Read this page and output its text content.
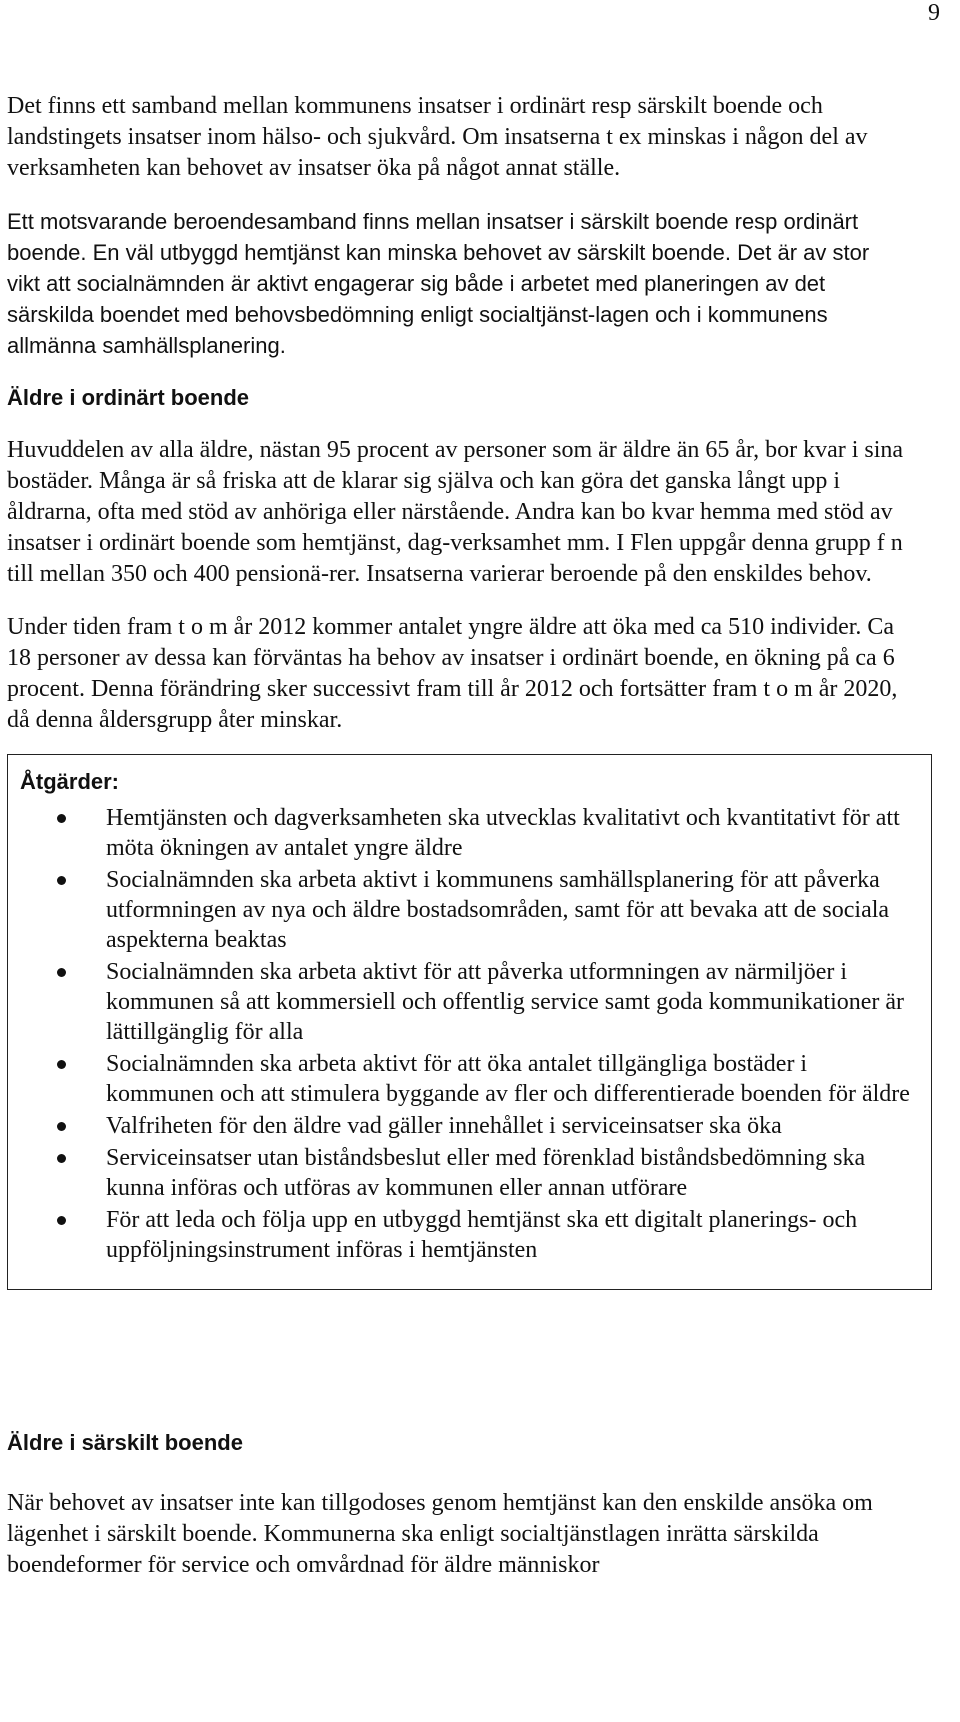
9

Det finns ett samband mellan kommunens insatser i ordinärt resp särskilt boende och landstingets insatser inom hälso- och sjukvård. Om insatserna t ex minskas i någon del av verksamheten kan behovet av insatser öka på något annat ställe.

Ett motsvarande beroendesamband finns mellan insatser i särskilt boende resp ordinärt boende. En väl utbyggd hemtjänst kan minska behovet av särskilt boende. Det är av stor vikt att socialnämnden är aktivt engagerar sig både i arbetet med planeringen av det särskilda boendet med behovsbedömning enligt socialtjänst-lagen och i kommunens allmänna samhällsplanering.

Äldre i ordinärt boende

Huvuddelen av alla äldre, nästan 95 procent av personer som är äldre än 65 år, bor kvar i sina bostäder. Många är så friska att de klarar sig själva och kan göra det ganska långt upp i åldrarna, ofta med stöd av anhöriga eller närstående. Andra kan bo kvar hemma med stöd av insatser i ordinärt boende som hemtjänst, dag-verksamhet mm. I Flen uppgår denna grupp f n till mellan 350 och 400 pensionä-rer. Insatserna varierar beroende på den enskildes behov.

Under tiden fram t o m år 2012 kommer antalet yngre äldre att öka med ca 510 individer. Ca 18 personer av dessa kan förväntas ha behov av insatser i ordinärt boende, en ökning på ca 6 procent. Denna förändring sker successivt fram till år 2012 och fortsätter fram t o m år 2020, då denna åldersgrupp åter minskar.

Åtgärder:
Hemtjänsten och dagverksamheten ska utvecklas kvalitativt och kvantitativt för att möta ökningen av antalet yngre äldre
Socialnämnden ska arbeta aktivt i kommunens samhällsplanering för att påverka utformningen av nya och äldre bostadsområden, samt för att bevaka att de sociala aspekterna beaktas
Socialnämnden ska arbeta aktivt för att påverka utformningen av närmiljöer i kommunen så att kommersiell och offentlig service samt goda kommunikationer är lättillgänglig för alla
Socialnämnden ska arbeta aktivt för att öka antalet tillgängliga bostäder i kommunen och att stimulera byggande av fler och differentierade boenden för äldre
Valfriheten för den äldre vad gäller innehållet i serviceinsatser ska öka
Serviceinsatser utan biståndsbeslut eller med förenklad biståndsbedömning ska kunna införas och utföras av kommunen eller annan utförare
För att leda och följa upp en utbyggd hemtjänst ska ett digitalt planerings- och uppföljningsinstrument införas i hemtjänsten
Äldre i särskilt boende

När behovet av insatser inte kan tillgodoses genom hemtjänst kan den enskilde ansöka om lägenhet i särskilt boende. Kommunerna ska enligt socialtjänstlagen inrätta särskilda boendeformer för service och omvårdnad för äldre människor
